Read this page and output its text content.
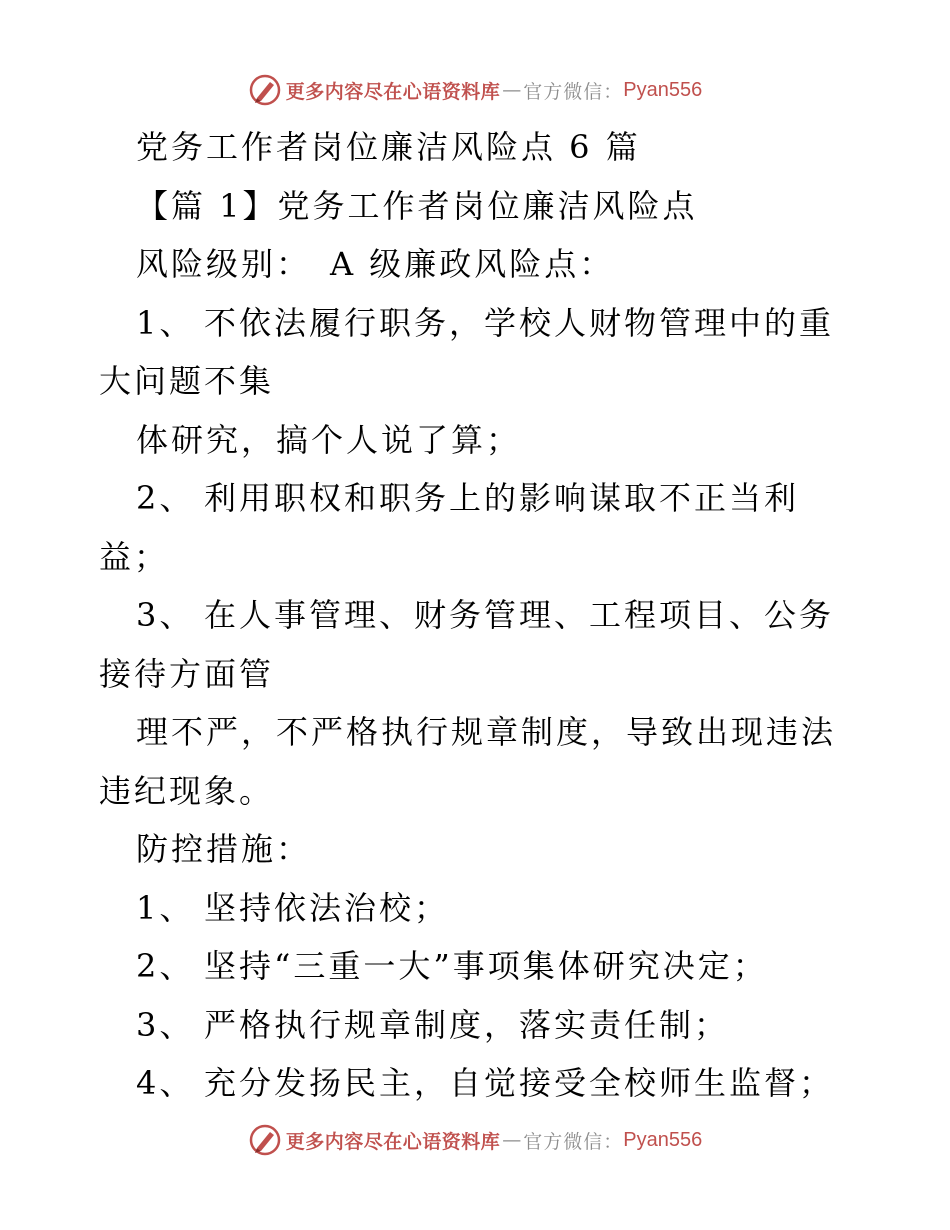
更多内容尽在心语资料库 — 官方微信： Pyan556

党务工作者岗位廉洁风险点 6 篇

【篇 1】党务工作者岗位廉洁风险点

风险级别：　A 级廉政风险点：

1、 不依法履行职务，学校人财物管理中的重大问题不集

体研究，搞个人说了算；

2、 利用职权和职务上的影响谋取不正当利益；

3、 在人事管理、财务管理、工程项目、公务接待方面管

理不严，不严格执行规章制度，导致出现违法违纪现象。

防控措施：

1、 坚持依法治校；

2、 坚持“三重一大”事项集体研究决定；

3、 严格执行规章制度，落实责任制；

4、 充分发扬民主，自觉接受全校师生监督；

更多内容尽在心语资料库 — 官方微信： Pyan556
